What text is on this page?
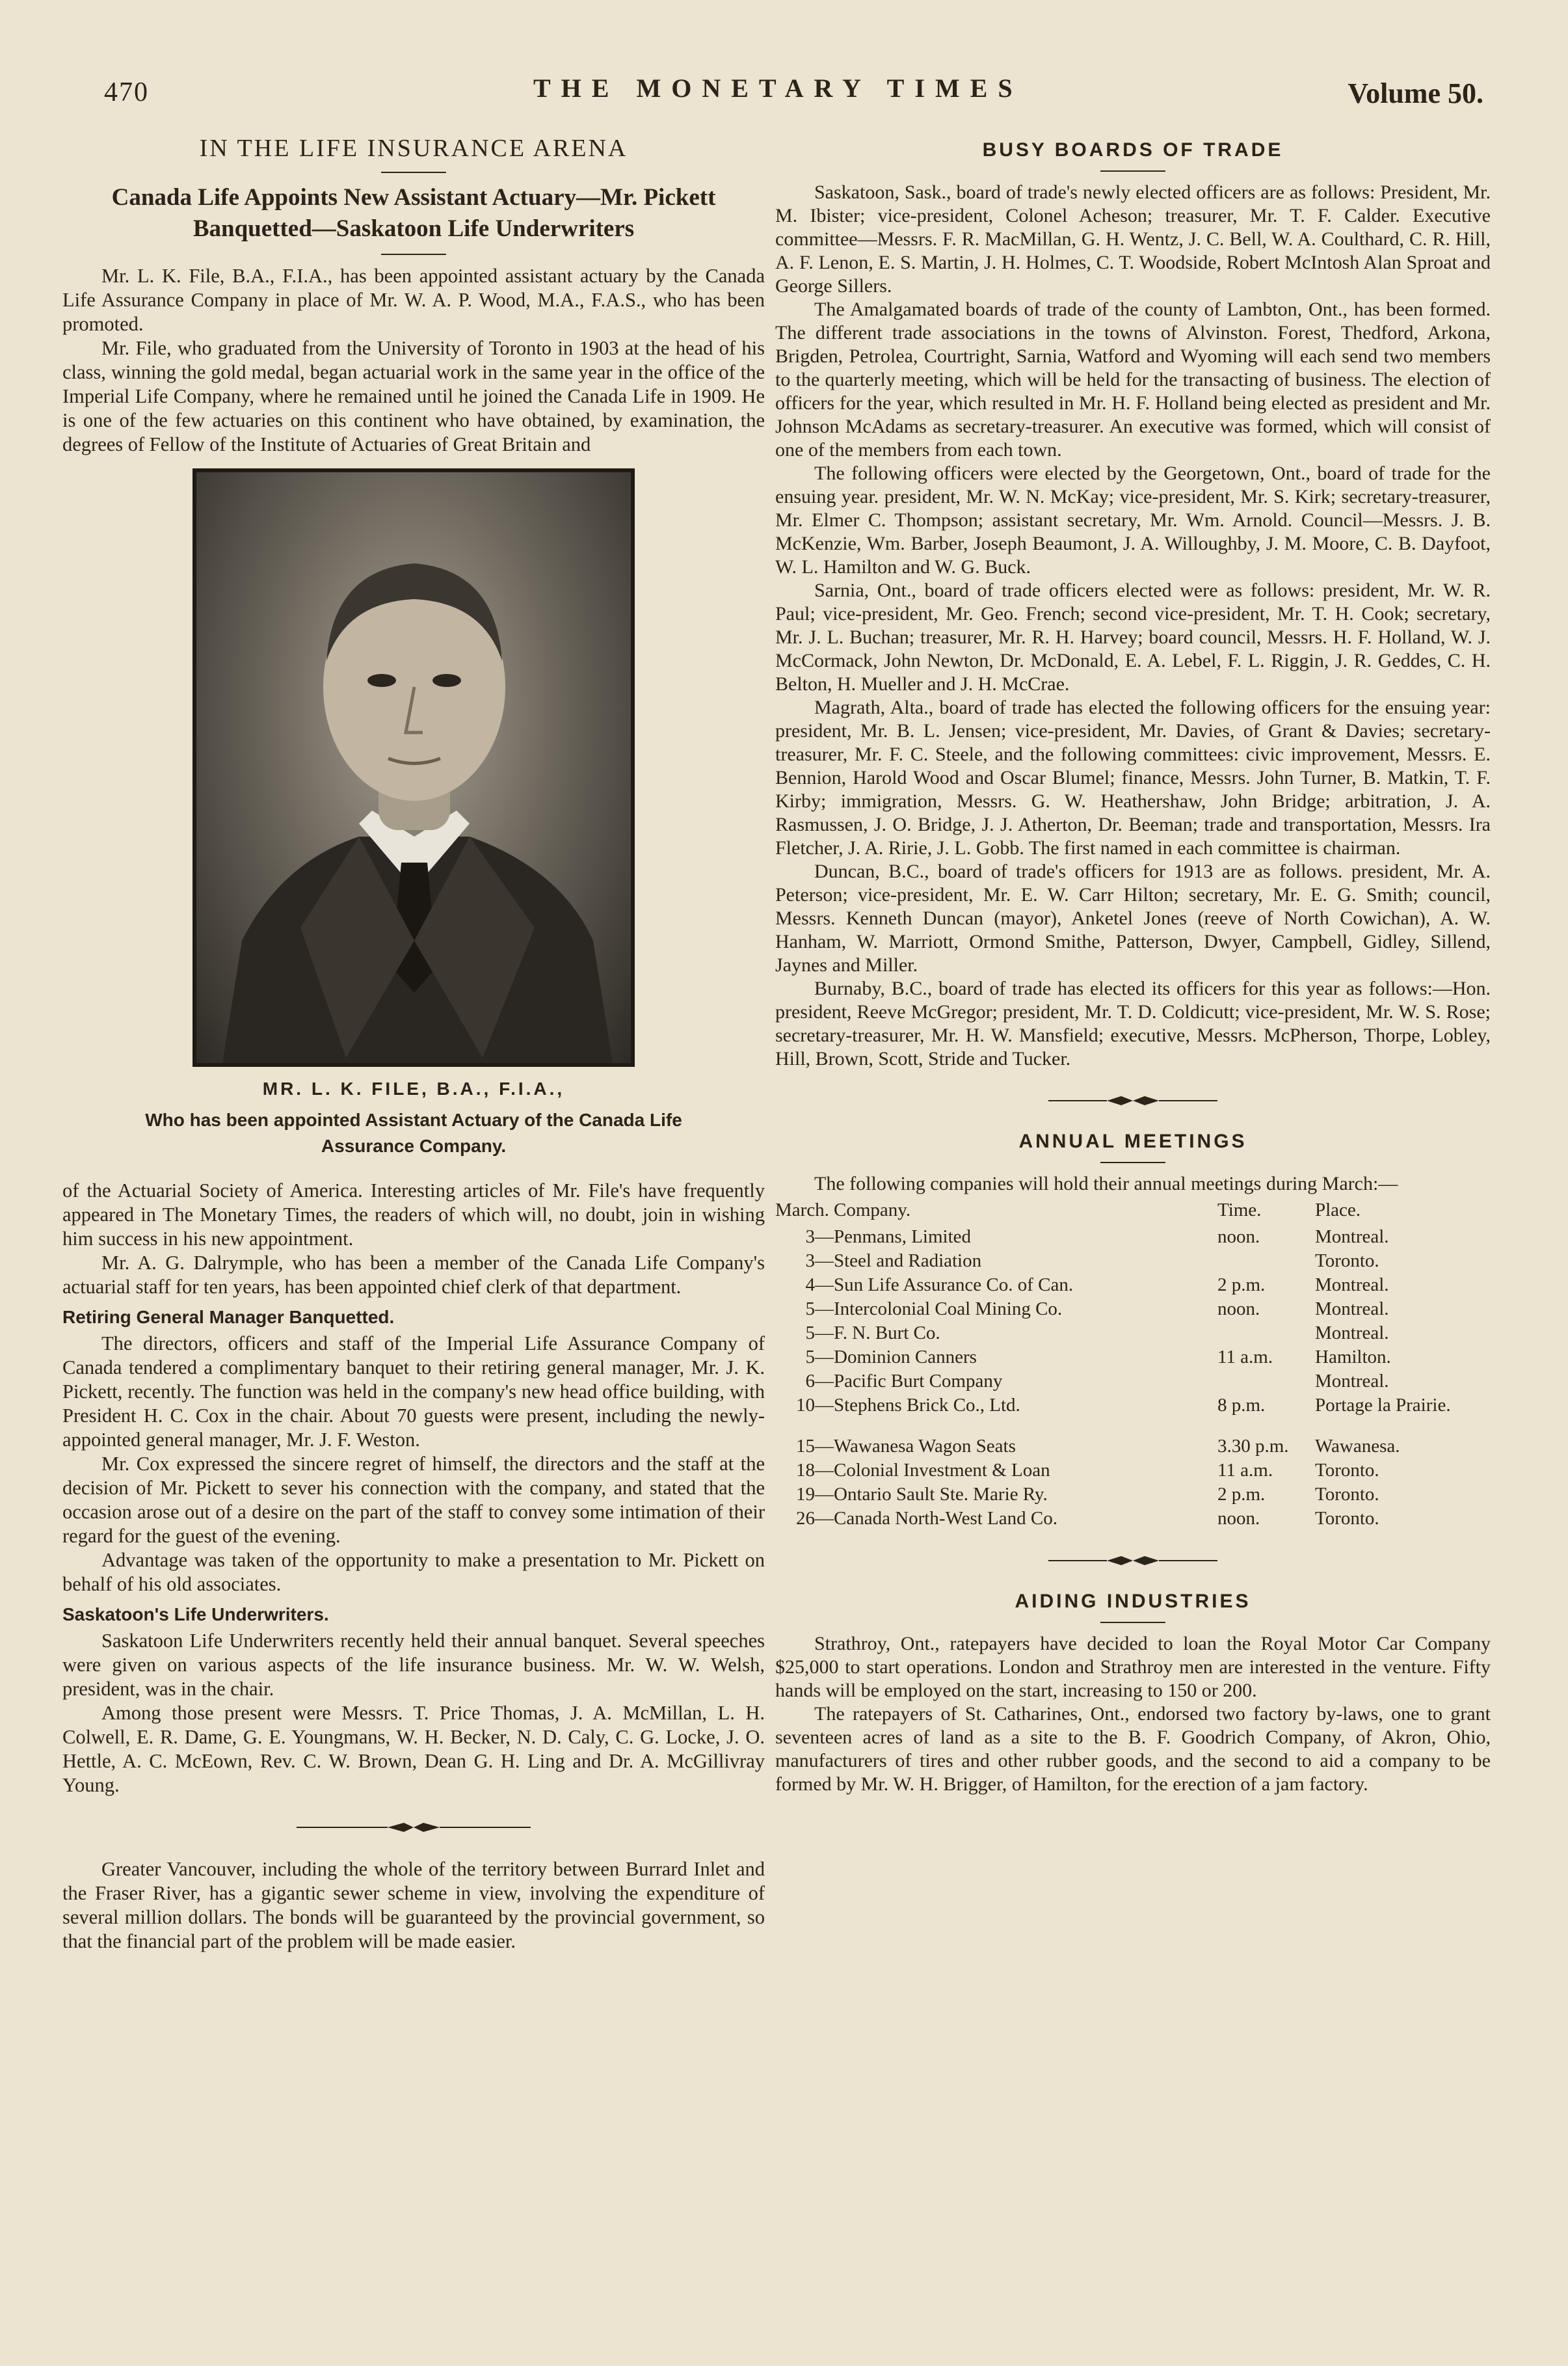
470	THE MONETARY TIMES	Volume 50.
IN THE LIFE INSURANCE ARENA
Canada Life Appoints New Assistant Actuary—Mr. Pickett Banquetted—Saskatoon Life Underwriters

Mr. L. K. File, B.A., F.I.A., has been appointed assistant actuary by the Canada Life Assurance Company in place of Mr. W. A. P. Wood, M.A., F.A.S., who has been promoted.

Mr. File, who graduated from the University of Toronto in 1903 at the head of his class, winning the gold medal, began actuarial work in the same year in the office of the Imperial Life Company, where he remained until he joined the Canada Life in 1909. He is one of the few actuaries on this continent who have obtained, by examination, the degrees of Fellow of the Institute of Actuaries of Great Britain and

MR. L. K. FILE, B.A., F.I.A.,
Who has been appointed Assistant Actuary of the Canada Life Assurance Company.

of the Actuarial Society of America. Interesting articles of Mr. File's have frequently appeared in The Monetary Times, the readers of which will, no doubt, join in wishing him success in his new appointment.

Mr. A. G. Dalrymple, who has been a member of the Canada Life Company's actuarial staff for ten years, has been appointed chief clerk of that department.

Retiring General Manager Banquetted.

The directors, officers and staff of the Imperial Life Assurance Company of Canada tendered a complimentary banquet to their retiring general manager, Mr. J. K. Pickett, recently. The function was held in the company's new head office building, with President H. C. Cox in the chair. About 70 guests were present, including the newly-appointed general manager, Mr. J. F. Weston.

Mr. Cox expressed the sincere regret of himself, the directors and the staff at the decision of Mr. Pickett to sever his connection with the company, and stated that the occasion arose out of a desire on the part of the staff to convey some intimation of their regard for the guest of the evening.

Advantage was taken of the opportunity to make a presentation to Mr. Pickett on behalf of his old associates.

Saskatoon's Life Underwriters.

Saskatoon Life Underwriters recently held their annual banquet. Several speeches were given on various aspects of the life insurance business. Mr. W. W. Welsh, president, was in the chair.

Among those present were Messrs. T. Price Thomas, J. A. McMillan, L. H. Colwell, E. R. Dame, G. E. Youngmans, W. H. Becker, N. D. Caly, C. G. Locke, J. O. Hettle, A. C. McEown, Rev. C. W. Brown, Dean G. H. Ling and Dr. A. McGillivray Young.

Greater Vancouver, including the whole of the territory between Burrard Inlet and the Fraser River, has a gigantic sewer scheme in view, involving the expenditure of several million dollars. The bonds will be guaranteed by the provincial government, so that the financial part of the problem will be made easier.

BUSY BOARDS OF TRADE

Saskatoon, Sask., board of trade's newly elected officers are as follows: President, Mr. M. Ibister; vice-president, Colonel Acheson; treasurer, Mr. T. F. Calder. Executive committee—Messrs. F. R. MacMillan, G. H. Wentz, J. C. Bell, W. A. Coulthard, C. R. Hill, A. F. Lenon, E. S. Martin, J. H. Holmes, C. T. Woodside, Robert McIntosh Alan Sproat and George Sillers.

The Amalgamated boards of trade of the county of Lambton, Ont., has been formed. The different trade associations in the towns of Alvinston. Forest, Thedford, Arkona, Brigden, Petrolea, Courtright, Sarnia, Watford and Wyoming will each send two members to the quarterly meeting, which will be held for the transacting of business. The election of officers for the year, which resulted in Mr. H. F. Holland being elected as president and Mr. Johnson McAdams as secretary-treasurer. An executive was formed, which will consist of one of the members from each town.

The following officers were elected by the Georgetown, Ont., board of trade for the ensuing year. president, Mr. W. N. McKay; vice-president, Mr. S. Kirk; secretary-treasurer, Mr. Elmer C. Thompson; assistant secretary, Mr. Wm. Arnold. Council—Messrs. J. B. McKenzie, Wm. Barber, Joseph Beaumont, J. A. Willoughby, J. M. Moore, C. B. Dayfoot, W. L. Hamilton and W. G. Buck.

Sarnia, Ont., board of trade officers elected were as follows: president, Mr. W. R. Paul; vice-president, Mr. Geo. French; second vice-president, Mr. T. H. Cook; secretary, Mr. J. L. Buchan; treasurer, Mr. R. H. Harvey; board council, Messrs. H. F. Holland, W. J. McCormack, John Newton, Dr. McDonald, E. A. Lebel, F. L. Riggin, J. R. Geddes, C. H. Belton, H. Mueller and J. H. McCrae.

Magrath, Alta., board of trade has elected the following officers for the ensuing year: president, Mr. B. L. Jensen; vice-president, Mr. Davies, of Grant & Davies; secretary-treasurer, Mr. F. C. Steele, and the following committees: civic improvement, Messrs. E. Bennion, Harold Wood and Oscar Blumel; finance, Messrs. John Turner, B. Matkin, T. F. Kirby; immigration, Messrs. G. W. Heathershaw, John Bridge; arbitration, J. A. Rasmussen, J. O. Bridge, J. J. Atherton, Dr. Beeman; trade and transportation, Messrs. Ira Fletcher, J. A. Ririe, J. L. Gobb. The first named in each committee is chairman.

Duncan, B.C., board of trade's officers for 1913 are as follows. president, Mr. A. Peterson; vice-president, Mr. E. W. Carr Hilton; secretary, Mr. E. G. Smith; council, Messrs. Kenneth Duncan (mayor), Anketel Jones (reeve of North Cowichan), A. W. Hanham, W. Marriott, Ormond Smithe, Patterson, Dwyer, Campbell, Gidley, Sillend, Jaynes and Miller.

Burnaby, B.C., board of trade has elected its officers for this year as follows:—Hon. president, Reeve McGregor; president, Mr. T. D. Coldicutt; vice-president, Mr. W. S. Rose; secretary-treasurer, Mr. H. W. Mansfield; executive, Messrs. McPherson, Thorpe, Lobley, Hill, Brown, Scott, Stride and Tucker.

ANNUAL MEETINGS

The following companies will hold their annual meetings during March:—

March.	Company.	Time.	Place.
3—	Penmans, Limited	noon.	Montreal.
3—	Steel and Radiation		Toronto.
4—	Sun Life Assurance Co. of Can.	2 p.m.	Montreal.
5—	Intercolonial Coal Mining Co.	noon.	Montreal.
5—	F. N. Burt Co.		Montreal.
5—	Dominion Canners	11 a.m.	Hamilton.
6—	Pacific Burt Company		Montreal.
10—	Stephens Brick Co., Ltd.	8 p.m.	Portage la Prairie.

15—	Wawanesa Wagon Seats	3.30 p.m.	Wawanesa.
18—	Colonial Investment & Loan	11 a.m.	Toronto.
19—	Ontario Sault Ste. Marie Ry.	2 p.m.	Toronto.
26—	Canada North-West Land Co.	noon.	Toronto.
AIDING INDUSTRIES

Strathroy, Ont., ratepayers have decided to loan the Royal Motor Car Company $25,000 to start operations. London and Strathroy men are interested in the venture. Fifty hands will be employed on the start, increasing to 150 or 200.

The ratepayers of St. Catharines, Ont., endorsed two factory by-laws, one to grant seventeen acres of land as a site to the B. F. Goodrich Company, of Akron, Ohio, manufacturers of tires and other rubber goods, and the second to aid a company to be formed by Mr. W. H. Brigger, of Hamilton, for the erection of a jam factory.
